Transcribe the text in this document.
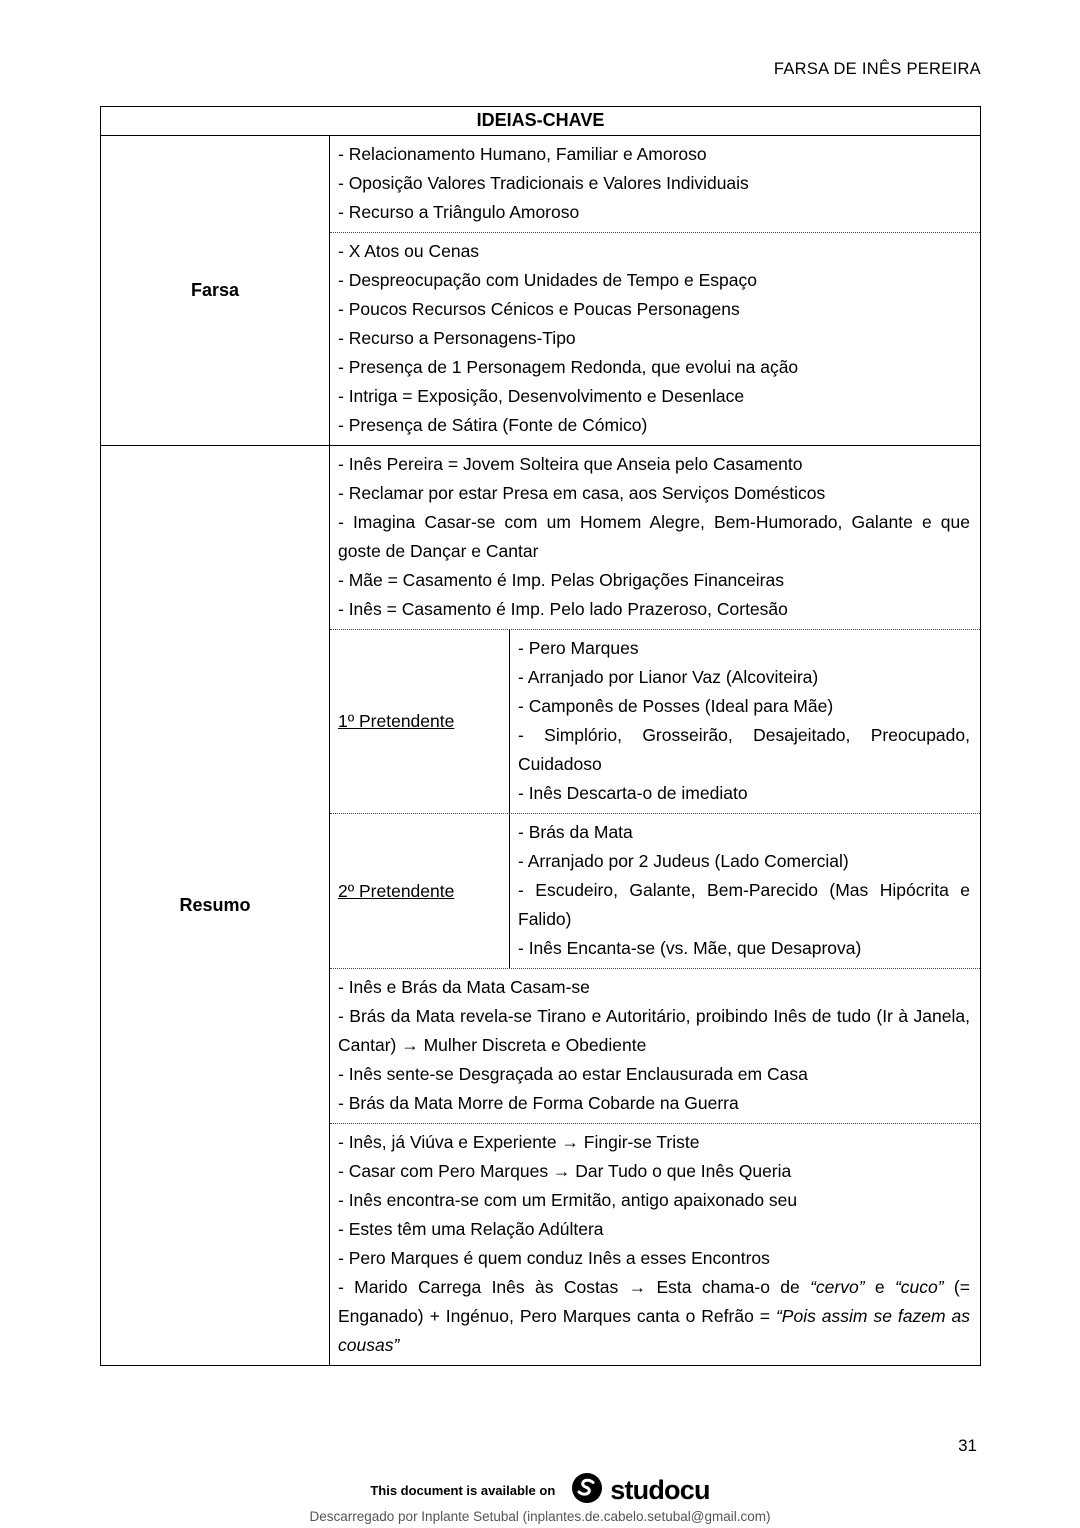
FARSA DE INÊS PEREIRA
IDEIAS-CHAVE
Farsa
- Relacionamento Humano, Familiar e Amoroso
- Oposição Valores Tradicionais e Valores Individuais
- Recurso a Triângulo Amoroso
- X Atos ou Cenas
- Despreocupação com Unidades de Tempo e Espaço
- Poucos Recursos Cénicos e Poucas Personagens
- Recurso a Personagens-Tipo
- Presença de 1 Personagem Redonda, que evolui na ação
- Intriga = Exposição, Desenvolvimento e Desenlace
- Presença de Sátira (Fonte de Cómico)
Resumo
- Inês Pereira = Jovem Solteira que Anseia pelo Casamento
- Reclamar por estar Presa em casa, aos Serviços Domésticos
- Imagina Casar-se com um Homem Alegre, Bem-Humorado, Galante e que goste de Dançar e Cantar
- Mãe = Casamento é Imp. Pelas Obrigações Financeiras
- Inês = Casamento é Imp. Pelo lado Prazeroso, Cortesão
1º Pretendente
- Pero Marques
- Arranjado por Lianor Vaz (Alcoviteira)
- Camponês de Posses (Ideal para Mãe)
- Simplório, Grosseirão, Desajeitado, Preocupado, Cuidadoso
- Inês Descarta-o de imediato
2º Pretendente
- Brás da Mata
- Arranjado por 2 Judeus (Lado Comercial)
- Escudeiro, Galante, Bem-Parecido (Mas Hipócrita e Falido)
- Inês Encanta-se (vs. Mãe, que Desaprova)
- Inês e Brás da Mata Casam-se
- Brás da Mata revela-se Tirano e Autoritário, proibindo Inês de tudo (Ir à Janela, Cantar) → Mulher Discreta e Obediente
- Inês sente-se Desgraçada ao estar Enclausurada em Casa
- Brás da Mata Morre de Forma Cobarde na Guerra
- Inês, já Viúva e Experiente → Fingir-se Triste
- Casar com Pero Marques → Dar Tudo o que Inês Queria
- Inês encontra-se com um Ermitão, antigo apaixonado seu
- Estes têm uma Relação Adúltera
- Pero Marques é quem conduz Inês a esses Encontros
- Marido Carrega Inês às Costas → Esta chama-o de “cervo” e “cuco” (= Enganado) + Ingénuo, Pero Marques canta o Refrão = “Pois assim se fazem as cousas”
31
This document is available on studocu
Descarregado por Inplante Setubal (inplantes.de.cabelo.setubal@gmail.com)
